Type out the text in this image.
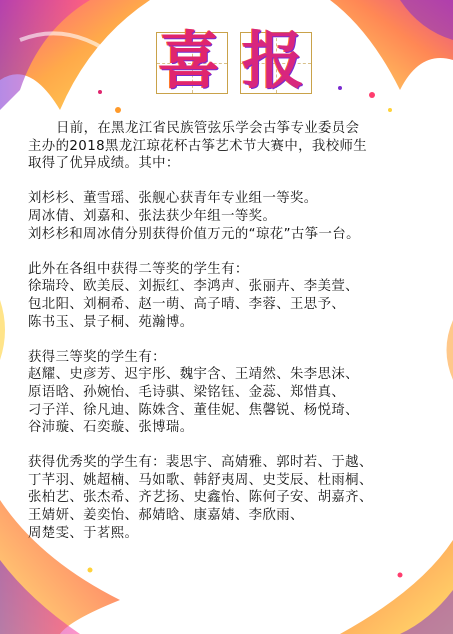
喜 报

日前，在黑龙江省民族管弦乐学会古筝专业委员会

主办的2018黑龙江琼花杯古筝艺术节大赛中，我校师生

取得了优异成绩。其中：

刘杉杉、董雪瑶、张舰心获青年专业组一等奖。

周冰倩、刘嘉和、张法获少年组一等奖。

刘杉杉和周冰倩分别获得价值万元的“琼花”古筝一台。

此外在各组中获得二等奖的学生有：

徐瑞玲、欧美辰、刘振红、李鸿声、张丽卉、李美萱、

包北阳、刘桐希、赵一萌、高子晴、李蓉、王思予、

陈书玉、景子桐、苑瀚博。

获得三等奖的学生有：

赵耀、史彦芳、迟宇彤、魏宇含、王靖然、朱李思沫、

原语晗、孙婉怡、毛诗骐、梁铭钰、金蕊、郑惜真、

刁子洋、徐凡迪、陈姝含、董佳妮、焦馨锐、杨悦琦、

谷沛璇、石奕璇、张博瑞。

获得优秀奖的学生有：裴思宇、高婧雅、郭时若、于越、

丁芊羽、姚超楠、马如歌、韩舒夷周、史芠辰、杜雨桐、

张柏艺、张杰希、齐艺扬、史鑫怡、陈何子安、胡嘉齐、

王婧妍、姜奕怡、郝婧晗、康嘉婧、李欣雨、

周楚雯、于茗熙。
